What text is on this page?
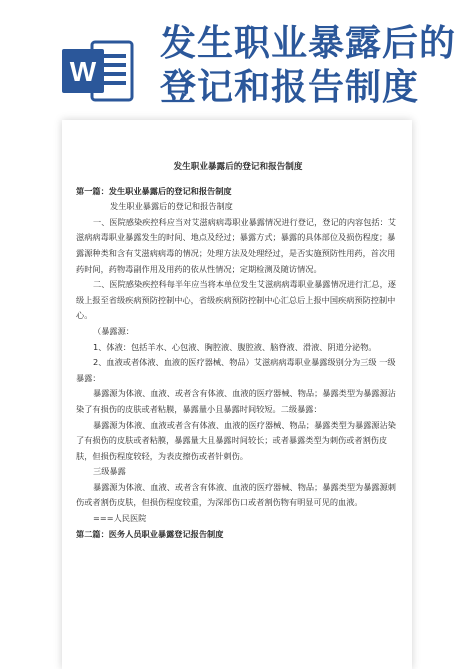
W
发生职业暴露后的
登记和报告制度

发生职业暴露后的登记和报告制度

第一篇：发生职业暴露后的登记和报告制度

发生职业暴露后的登记和报告制度

一、医院感染疾控科应当对艾滋病病毒职业暴露情况进行登记，登记的内容包括：艾滋病病毒职业暴露发生的时间、地点及经过；暴露方式；暴露的具体部位及损伤程度；暴露源种类和含有艾滋病病毒的情况；处理方法及处理经过，是否实施预防性用药，首次用药时间，药物毒副作用及用药的依从性情况；定期检测及随访情况。

二、医院感染疾控科每半年应当将本单位发生艾滋病病毒职业暴露情况进行汇总，逐级上报至省级疾病预防控制中心，省级疾病预防控制中心汇总后上报中国疾病预防控制中心。

（暴露源：

1、体液：包括羊水、心包液、胸腔液、腹腔液、脑脊液、滑液、阴道分泌物。

2、血液或者体液、血液的医疗器械、物品）艾滋病病毒职业暴露级别分为三级 一级暴露：

暴露源为体液、血液、或者含有体液、血液的医疗器械、物品；暴露类型为暴露源沾染了有损伤的皮肤或者粘膜，暴露量小且暴露时间较短。二级暴露：

暴露源为体液、血液或者含有体液、血液的医疗器械、物品；暴露类型为暴露源沾染了有损伤的皮肤或者粘膜，暴露量大且暴露时间较长；或者暴露类型为刺伤或者割伤皮肤，但损伤程度较轻，为表皮擦伤或者针刺伤。

三级暴露

暴露源为体液、血液、或者含有体液、血液的医疗器械、物品；暴露类型为暴露源刺伤或者割伤皮肤，但损伤程度较重，为深部伤口或者割伤物有明显可见的血液。

===人民医院

第二篇：医务人员职业暴露登记报告制度
